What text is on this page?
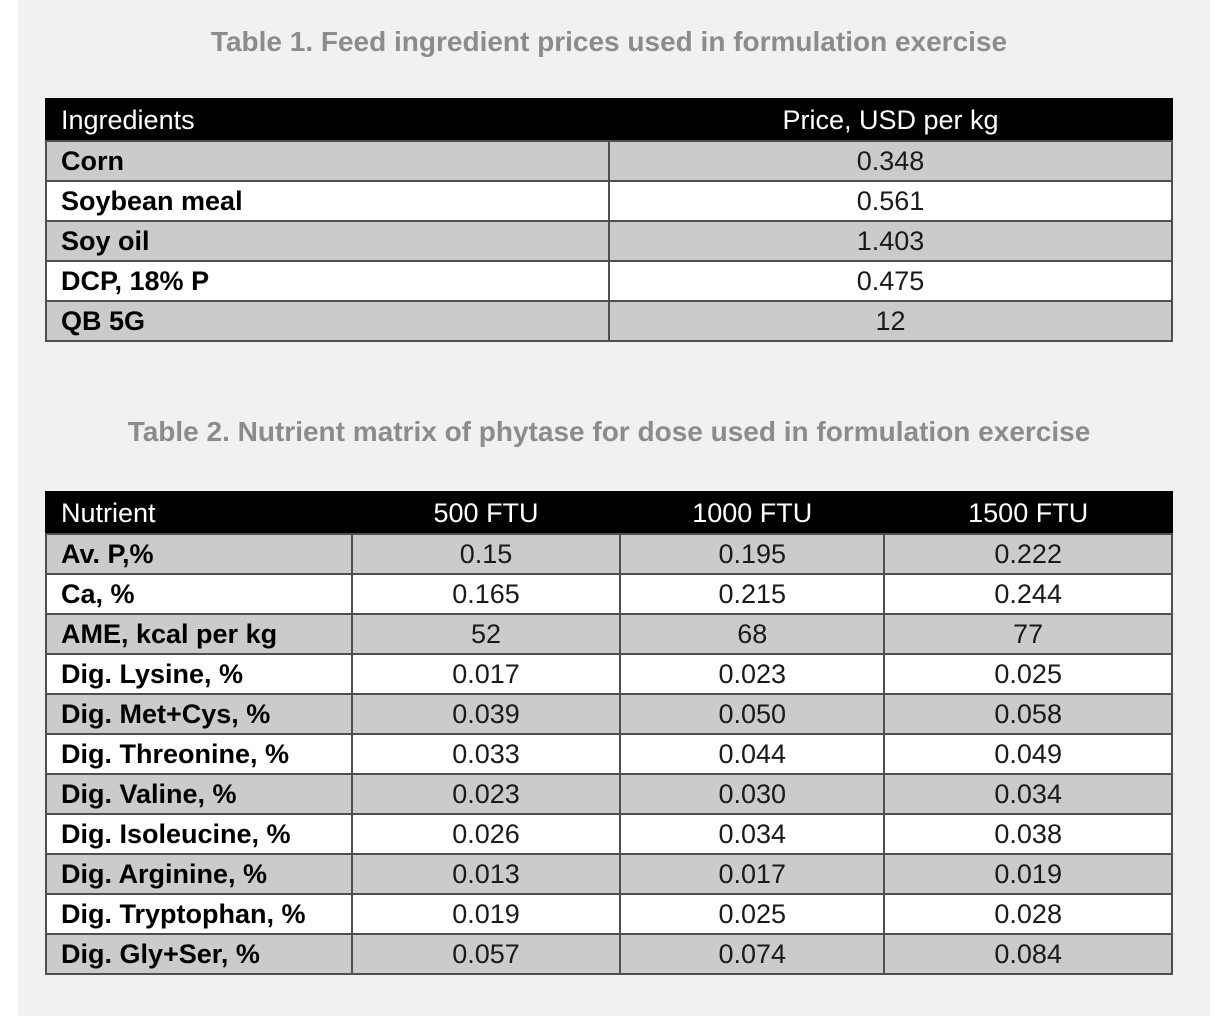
Table 1. Feed ingredient prices used in formulation exercise
Ingredients	Price, USD per kg
Corn	0.348
Soybean meal	0.561
Soy oil	1.403
DCP, 18% P	0.475
QB 5G	12
Table 2. Nutrient matrix of phytase for dose used in formulation exercise
Nutrient	500 FTU	1000 FTU	1500 FTU
Av. P,%	0.15	0.195	0.222
Ca, %	0.165	0.215	0.244
AME, kcal per kg	52	68	77
Dig. Lysine, %	0.017	0.023	0.025
Dig. Met+Cys, %	0.039	0.050	0.058
Dig. Threonine, %	0.033	0.044	0.049
Dig. Valine, %	0.023	0.030	0.034
Dig. Isoleucine, %	0.026	0.034	0.038
Dig. Arginine, %	0.013	0.017	0.019
Dig. Tryptophan, %	0.019	0.025	0.028
Dig. Gly+Ser, %	0.057	0.074	0.084
